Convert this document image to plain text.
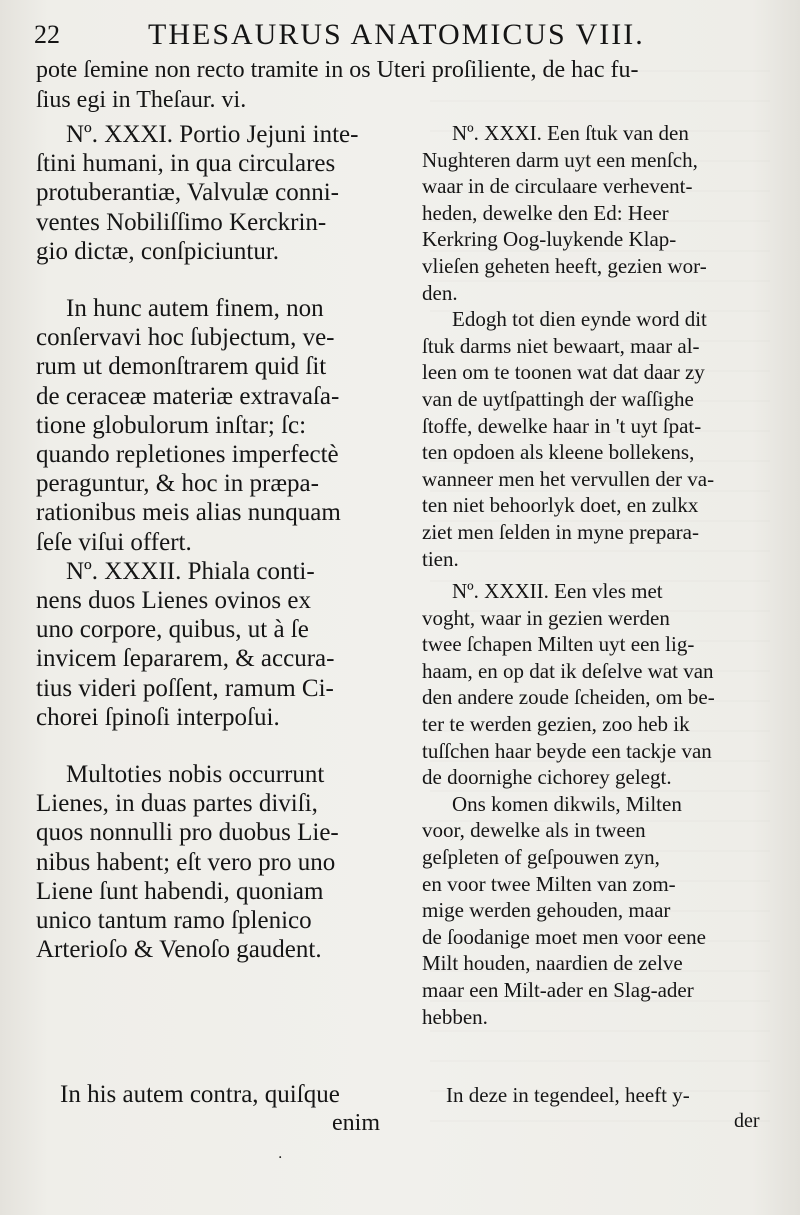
22	THESAURUS ANATOMICUS VIII.
pote ſemine non recto tramite in os Uteri proſiliente, de hac fu-
ſius egi in Theſaur. vi.
Nº. XXXI. Portio Jejuni inte-
ſtini humani, in qua circulares
protuberantiæ, Valvulæ conni-
ventes Nobiliſſimo Kerckrin-
gio dictæ, conſpiciuntur.
In hunc autem finem, non
conſervavi hoc ſubjectum, ve-
rum ut demonſtrarem quid ſit
de ceraceæ materiæ extravaſa-
tione globulorum inſtar; ſc:
quando repletiones imperfectè
peraguntur, & hoc in præpa-
rationibus meis alias nunquam
ſeſe viſui offert.
Nº. XXXII. Phiala conti-
nens duos Lienes ovinos ex
uno corpore, quibus, ut à ſe
invicem ſepararem, & accura-
tius videri poſſent, ramum Ci-
chorei ſpinoſi interpoſui.
Multoties nobis occurrunt
Lienes, in duas partes diviſi,
quos nonnulli pro duobus Lie-
nibus habent; eſt vero pro uno
Liene ſunt habendi, quoniam
unico tantum ramo ſplenico
Arterioſo & Venoſo gaudent.
In his autem contra, quiſque
enim
Nº. XXXI. Een ſtuk van den
Nughteren darm uyt een menſch,
waar in de circulaare verhevent-
heden, dewelke den Ed: Heer
Kerkring Oog-luykende Klap-
vlieſen geheten heeft, gezien wor-
den.
Edogh tot dien eynde word dit
ſtuk darms niet bewaart, maar al-
leen om te toonen wat dat daar zy
van de uytſpattingh der waſſighe
ſtoffe, dewelke haar in 't uyt ſpat-
ten opdoen als kleene bollekens,
wanneer men het vervullen der va-
ten niet behoorlyk doet, en zulkx
ziet men ſelden in myne prepara-
tien.
Nº. XXXII. Een vles met
voght, waar in gezien werden
twee ſchapen Milten uyt een lig-
haam, en op dat ik deſelve wat van
den andere zoude ſcheiden, om be-
ter te werden gezien, zoo heb ik
tuſſchen haar beyde een tackje van
de doornighe cichorey gelegt.
Ons komen dikwils, Milten
voor, dewelke als in tween
geſpleten of geſpouwen zyn,
en voor twee Milten van zom-
mige werden gehouden, maar
de ſoodanige moet men voor eene
Milt houden, naardien de zelve
maar een Milt-ader en Slag-ader
hebben.
In deze in tegendeel, heeft y-
der
·
